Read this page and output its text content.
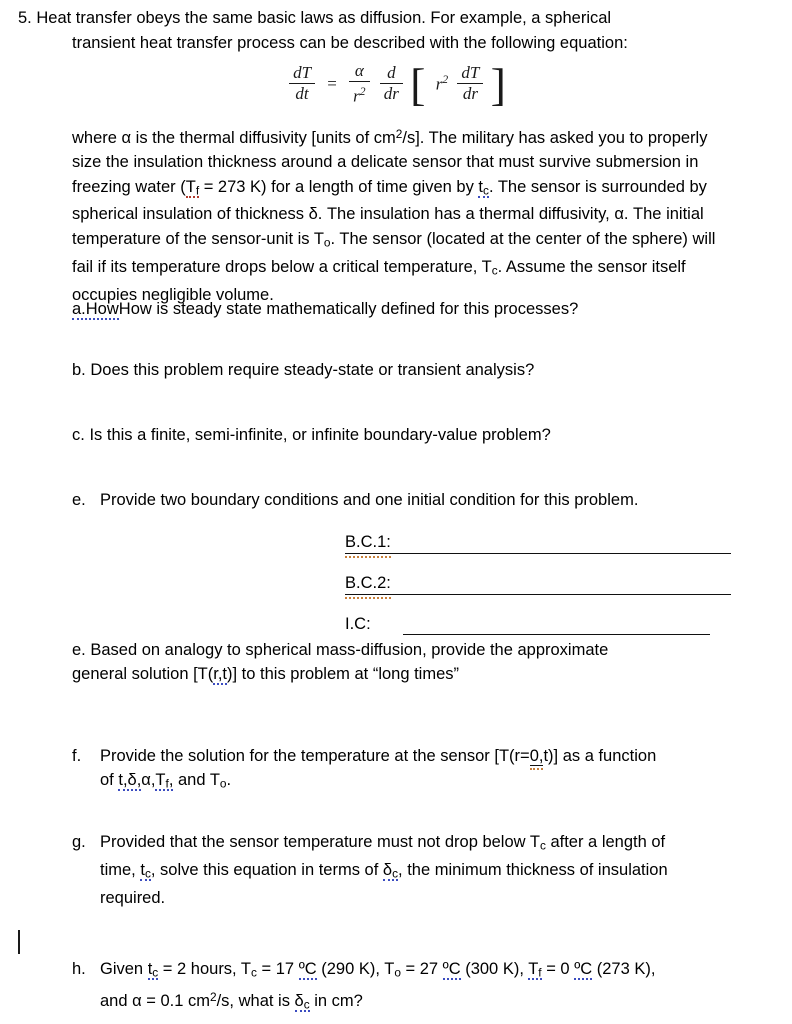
5. Heat transfer obeys the same basic laws as diffusion. For example, a spherical
transient heat transfer process can be described with the following equation:
$\frac{dT}{dt} = \frac{\alpha}{r^2}$
$\frac{d}{dr}$ [ $r^2 \frac{dT}{dr}$ ]
where α is the thermal diffusivity [units of $cm^2/s$]. The military has asked you to properly size the insulation thickness around a delicate sensor that must survive submersion in freezing water ($T_f = 273$ K) for a length of time given by $t_c$. The sensor is surrounded by spherical insulation of thickness δ. The insulation has a thermal diffusivity, α. The initial temperature of the sensor-unit is $T_o$. The sensor (located at the center of the sphere) will fail if its temperature drops below a critical temperature, $T_c$. Assume the sensor itself occupies negligible volume.
a.HowHow is steady state mathematically defined for this processes?
b. Does this problem require steady-state or transient analysis?
c. Is this a finite, semi-infinite, or infinite boundary-value problem?
e. Provide two boundary conditions and one initial condition for this problem.
B.C.1:
B.C.2:
I.C:
e. Based on analogy to spherical mass-diffusion, provide the approximate
general solution [T(r,t)] to this problem at “long times”
f.	Provide the solution for the temperature at the sensor [T(r=0,t)] as a function
of $t,\delta,\alpha,T_f$, and $T_o$.
g. Provided that the sensor temperature must not drop below $T_c$ after a length of
time, $t_c$, solve this equation in terms of $\delta_c$, the minimum thickness of insulation
required.
h. Given $t_c = 2$ hours, $T_c = 17$ ºC (290 K), $T_o = 27$ ºC (300 K), $T_f = 0$ ºC (273 K),
and α = 0.1 $cm^2/s$, what is $\delta_c$ in cm?
